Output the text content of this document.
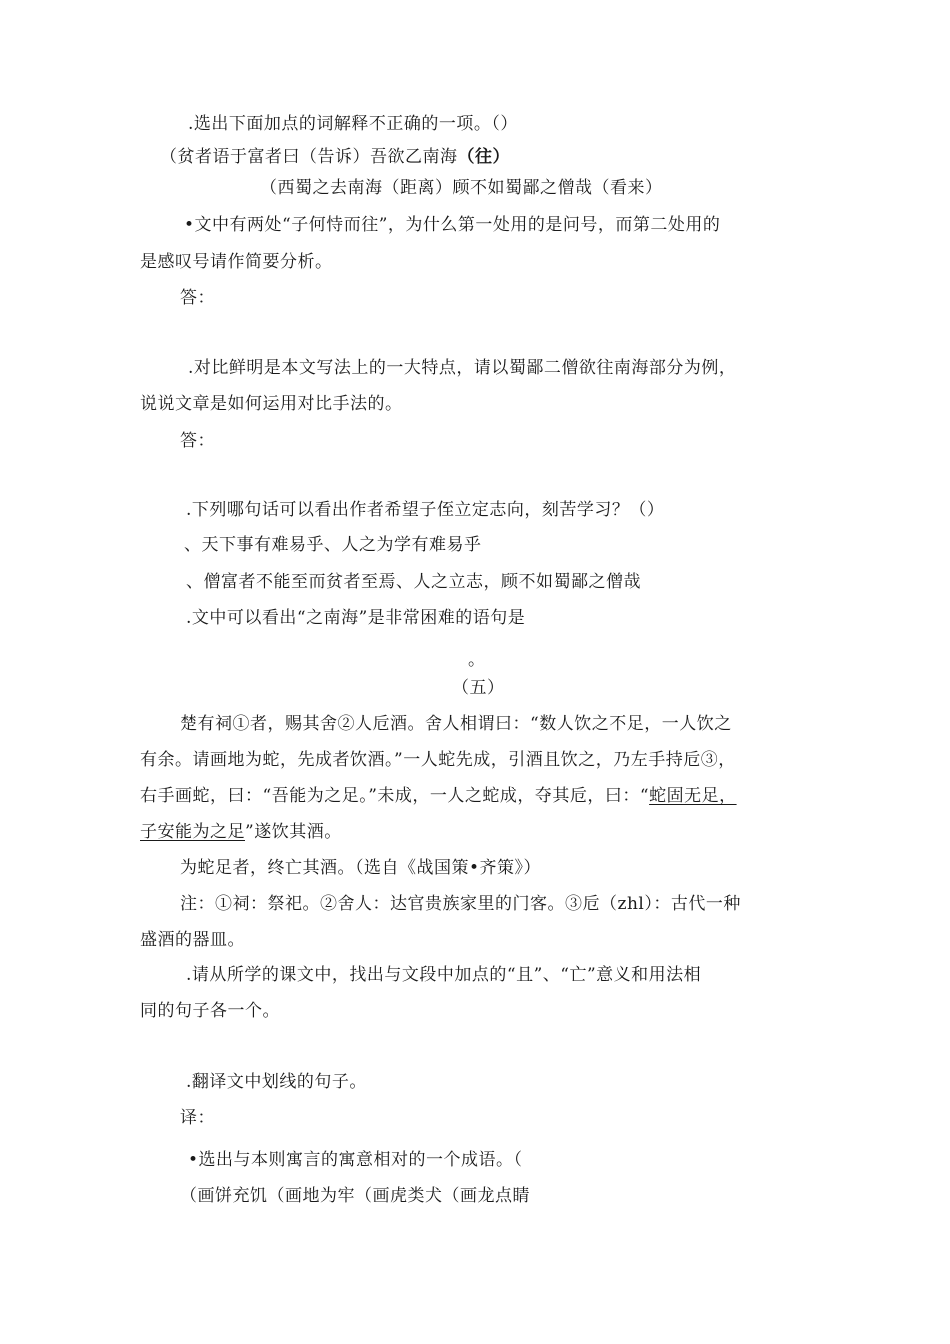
.选出下面加点的词解释不正确的一项。（）
（贫者语于富者曰（告诉）吾欲乙南海（往）
（西蜀之去南海（距离）顾不如蜀鄙之僧哉（看来）
•文中有两处“子何恃而往”，为什么第一处用的是问号，而第二处用的
是感叹号请作简要分析。
答：
.对比鲜明是本文写法上的一大特点，请以蜀鄙二僧欲往南海部分为例，
说说文章是如何运用对比手法的。
答：
.下列哪句话可以看出作者希望子侄立定志向，刻苦学习？（）
、天下事有难易乎、人之为学有难易乎
、僧富者不能至而贫者至焉、人之立志，顾不如蜀鄙之僧哉
.文中可以看出“之南海”是非常困难的语句是
。
（五）
楚有祠①者，赐其舍②人卮酒。舍人相谓曰：“数人饮之不足，一人饮之
有余。请画地为蛇，先成者饮酒。”一人蛇先成，引酒且饮之，乃左手持卮③，
右手画蛇，曰：“吾能为之足。”未成，一人之蛇成，夺其卮，曰：“蛇固无足，
子安能为之足”遂饮其酒。
为蛇足者，终亡其酒。（选自《战国策•齐策》）
注：①祠：祭祀。②舍人：达官贵族家里的门客。③卮（zhl）：古代一种
盛酒的器皿。
.请从所学的课文中，找出与文段中加点的“且”、“亡”意义和用法相
同的句子各一个。
.翻译文中划线的句子。
译：
•选出与本则寓言的寓意相对的一个成语。（
（画饼充饥（画地为牢（画虎类犬（画龙点睛
